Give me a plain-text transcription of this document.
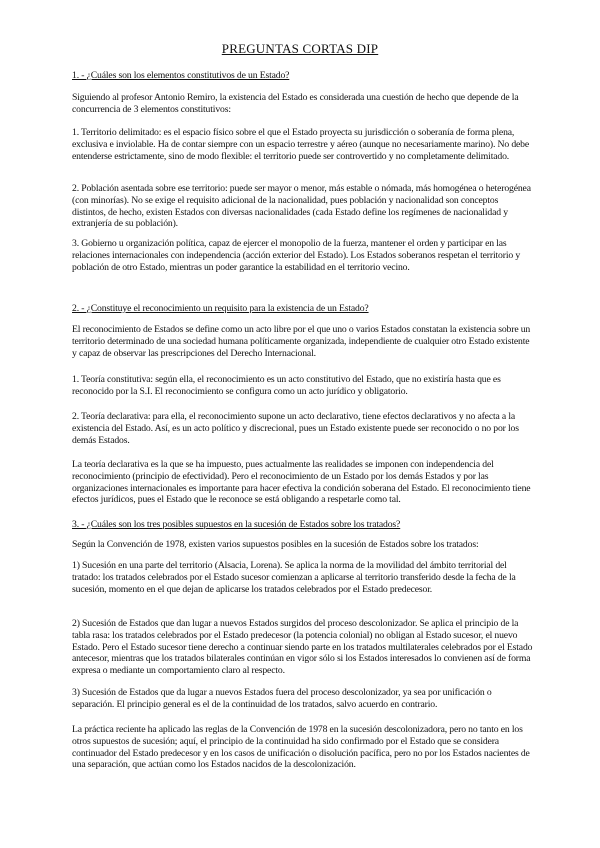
PREGUNTAS CORTAS DIP

1. - ¿Cuáles son los elementos constitutivos de un Estado?

Siguiendo al profesor Antonio Remiro, la existencia del Estado es considerada una cuestión de hecho que depende de la concurrencia de 3 elementos constitutivos:

1. Territorio delimitado: es el espacio físico sobre el que el Estado proyecta su jurisdicción o soberanía de forma plena, exclusiva e inviolable. Ha de contar siempre con un espacio terrestre y aéreo (aunque no necesariamente marino). No debe entenderse estrictamente, sino de modo flexible: el territorio puede ser controvertido y no completamente delimitado.

2. Población asentada sobre ese territorio: puede ser mayor o menor, más estable o nómada, más homogénea o heterogénea (con minorías). No se exige el requisito adicional de la nacionalidad, pues población y nacionalidad son conceptos distintos, de hecho, existen Estados con diversas nacionalidades (cada Estado define los regímenes de nacionalidad y extranjería de su población).

3. Gobierno u organización política, capaz de ejercer el monopolio de la fuerza, mantener el orden y participar en las relaciones internacionales con independencia (acción exterior del Estado). Los Estados soberanos respetan el territorio y población de otro Estado, mientras un poder garantice la estabilidad en el territorio vecino.

2. - ¿Constituye el reconocimiento un requisito para la existencia de un Estado?

El reconocimiento de Estados se define como un acto libre por el que uno o varios Estados constatan la existencia sobre un territorio determinado de una sociedad humana políticamente organizada, independiente de cualquier otro Estado existente y capaz de observar las prescripciones del Derecho Internacional.

1. Teoría constitutiva: según ella, el reconocimiento es un acto constitutivo del Estado, que no existiría hasta que es reconocido por la S.I. El reconocimiento se configura como un acto jurídico y obligatorio.

2. Teoría declarativa: para ella, el reconocimiento supone un acto declarativo, tiene efectos declarativos y no afecta a la existencia del Estado. Así, es un acto político y discrecional, pues un Estado existente puede ser reconocido o no por los demás Estados.

La teoría declarativa es la que se ha impuesto, pues actualmente las realidades se imponen con independencia del reconocimiento (principio de efectividad). Pero el reconocimiento de un Estado por los demás Estados y por las organizaciones internacionales es importante para hacer efectiva la condición soberana del Estado. El reconocimiento tiene efectos jurídicos, pues el Estado que le reconoce se está obligando a respetarle como tal.

3. - ¿Cuáles son los tres posibles supuestos en la sucesión de Estados sobre los tratados?

Según la Convención de 1978, existen varios supuestos posibles en la sucesión de Estados sobre los tratados:

1) Sucesión en una parte del territorio (Alsacia, Lorena). Se aplica la norma de la movilidad del ámbito territorial del tratado: los tratados celebrados por el Estado sucesor comienzan a aplicarse al territorio transferido desde la fecha de la sucesión, momento en el que dejan de aplicarse los tratados celebrados por el Estado predecesor.

2) Sucesión de Estados que dan lugar a nuevos Estados surgidos del proceso descolonizador. Se aplica el principio de la tabla rasa: los tratados celebrados por el Estado predecesor (la potencia colonial) no obligan al Estado sucesor, el nuevo Estado. Pero el Estado sucesor tiene derecho a continuar siendo parte en los tratados multilaterales celebrados por el Estado antecesor, mientras que los tratados bilaterales continúan en vigor sólo si los Estados interesados lo convienen así de forma expresa o mediante un comportamiento claro al respecto.

3) Sucesión de Estados que da lugar a nuevos Estados fuera del proceso descolonizador, ya sea por unificación o separación. El principio general es el de la continuidad de los tratados, salvo acuerdo en contrario.

La práctica reciente ha aplicado las reglas de la Convención de 1978 en la sucesión descolonizadora, pero no tanto en los otros supuestos de sucesión; aquí, el principio de la continuidad ha sido confirmado por el Estado que se considera continuador del Estado predecesor y en los casos de unificación o disolución pacífica, pero no por los Estados nacientes de una separación, que actúan como los Estados nacidos de la descolonización.
